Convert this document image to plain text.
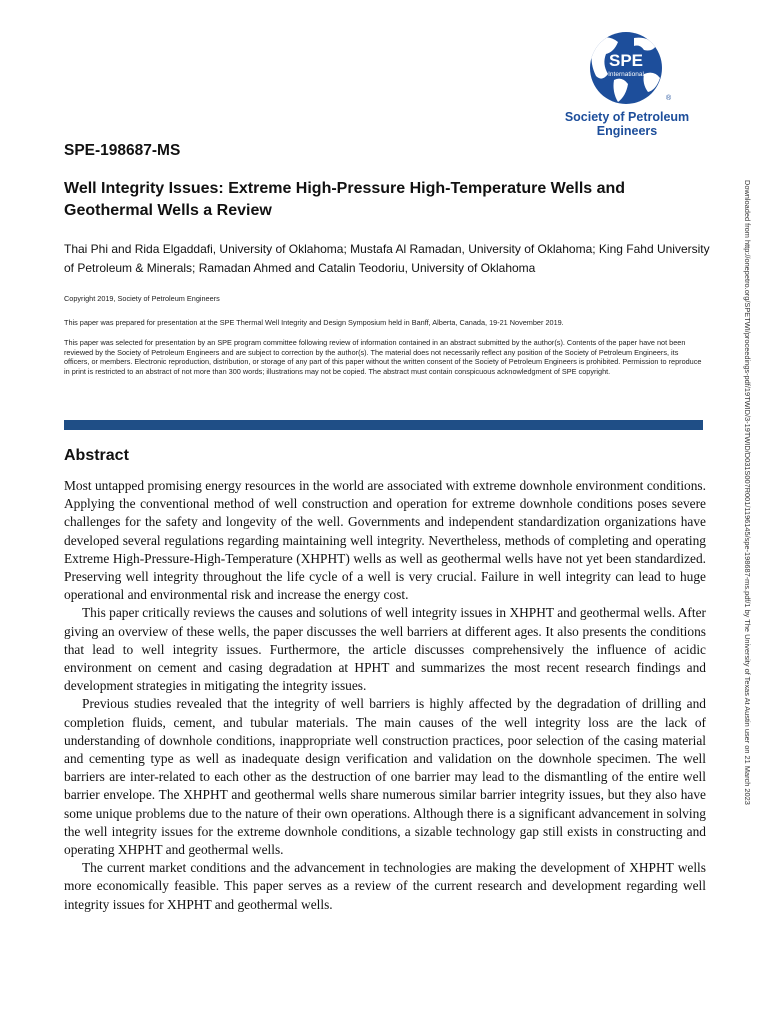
SPE
International
®
Society of Petroleum Engineers
SPE-198687-MS
Well Integrity Issues: Extreme High-Pressure High-Temperature Wells and Geothermal Wells a Review
Thai Phi and Rida Elgaddafi, University of Oklahoma; Mustafa Al Ramadan, University of Oklahoma; King Fahd University of Petroleum & Minerals; Ramadan Ahmed and Catalin Teodoriu, University of Oklahoma
Copyright 2019, Society of Petroleum Engineers
This paper was prepared for presentation at the SPE Thermal Well Integrity and Design Symposium held in Banff, Alberta, Canada, 19-21 November 2019.
This paper was selected for presentation by an SPE program committee following review of information contained in an abstract submitted by the author(s). Contents of the paper have not been reviewed by the Society of Petroleum Engineers and are subject to correction by the author(s). The material does not necessarily reflect any position of the Society of Petroleum Engineers, its officers, or members. Electronic reproduction, distribution, or storage of any part of this paper without the written consent of the Society of Petroleum Engineers is prohibited. Permission to reproduce in print is restricted to an abstract of not more than 300 words; illustrations may not be copied. The abstract must contain conspicuous acknowledgment of SPE copyright.
Abstract

Most untapped promising energy resources in the world are associated with extreme downhole environment conditions. Applying the conventional method of well construction and operation for extreme downhole conditions poses severe challenges for the safety and longevity of the well. Governments and independent standardization organizations have developed several regulations regarding maintaining well integrity. Nevertheless, methods of completing and operating Extreme High-Pressure-High-Temperature (XHPHT) wells as well as geothermal wells have not yet been standardized. Preserving well integrity throughout the life cycle of a well is very crucial. Failure in well integrity can lead to huge operational and environmental risk and increase the energy cost.

This paper critically reviews the causes and solutions of well integrity issues in XHPHT and geothermal wells. After giving an overview of these wells, the paper discusses the well barriers at different ages. It also presents the conditions that lead to well integrity issues. Furthermore, the article discusses comprehensively the influence of acidic environment on cement and casing degradation at HPHT and summarizes the most recent research findings and development strategies in mitigating the integrity issues.

Previous studies revealed that the integrity of well barriers is highly affected by the degradation of drilling and completion fluids, cement, and tubular materials. The main causes of the well integrity loss are the lack of understanding of downhole conditions, inappropriate well construction practices, poor selection of the casing material and cementing type as well as inadequate design verification and validation on the downhole specimen. The well barriers are inter-related to each other as the destruction of one barrier may lead to the dismantling of the entire well barrier envelope. The XHPHT and geothermal wells share numerous similar barrier integrity issues, but they also have some unique problems due to the nature of their own operations. Although there is a significant advancement in solving the well integrity issues for the extreme downhole conditions, a sizable technology gap still exists in constructing and operating XHPHT and geothermal wells.

The current market conditions and the advancement in technologies are making the development of XHPHT wells more economically feasible. This paper serves as a review of the current research and development regarding well integrity issues for XHPHT and geothermal wells.

Downloaded from http://onepetro.org/SPETWI/proceedings-pdf/19TWID/3-19TWID/D031S007R001/1196145/spe-198687-ms.pdf/1 by The University of Texas At Austin user on 21 March 2023
